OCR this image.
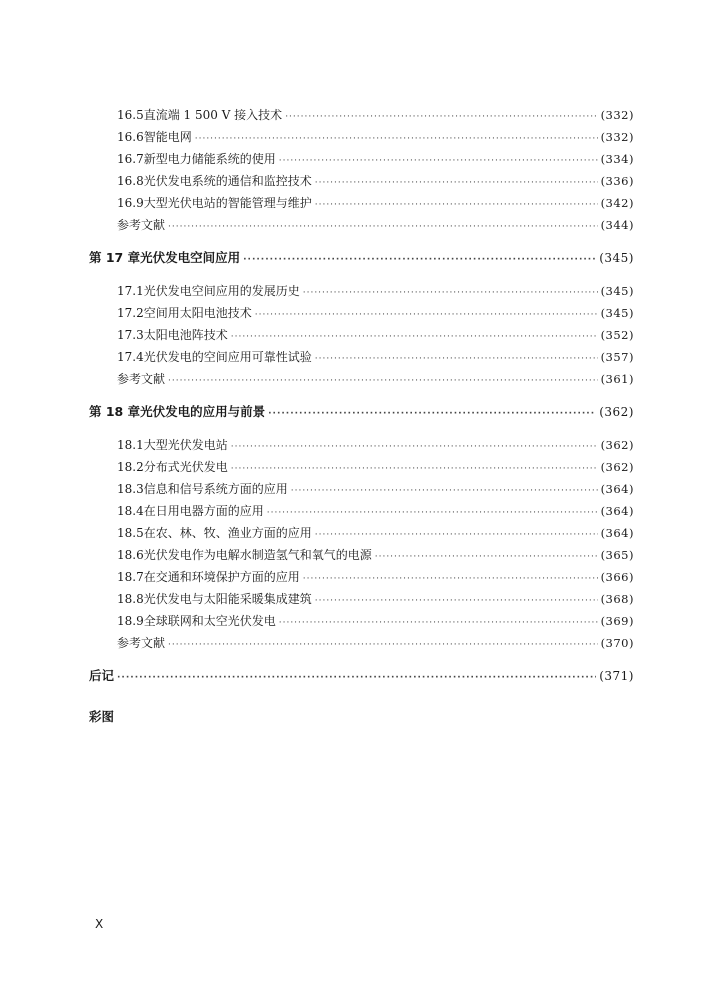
16.5 直流端 1 500 V 接入技术 ·····	(332)
16.6 智能电网 ·····	(332)
16.7 新型电力储能系统的使用 ·····	(334)
16.8 光伏发电系统的通信和监控技术 ·····	(336)
16.9 大型光伏电站的智能管理与维护 ·····	(342)
参考文献 ·····	(344)
第 17 章 光伏发电空间应用 ·····	(345)
17.1 光伏发电空间应用的发展历史 ·····	(345)
17.2 空间用太阳电池技术 ·····	(345)
17.3 太阳电池阵技术 ·····	(352)
17.4 光伏发电的空间应用可靠性试验 ·····	(357)
参考文献 ·····	(361)
第 18 章 光伏发电的应用与前景 ·····	(362)
18.1 大型光伏发电站 ·····	(362)
18.2 分布式光伏发电 ·····	(362)
18.3 信息和信号系统方面的应用 ·····	(364)
18.4 在日用电器方面的应用 ·····	(364)
18.5 在农、林、牧、渔业方面的应用 ·····	(364)
18.6 光伏发电作为电解水制造氢气和氧气的电源 ·····	(365)
18.7 在交通和环境保护方面的应用 ·····	(366)
18.8 光伏发电与太阳能采暖集成建筑 ·····	(368)
18.9 全球联网和太空光伏发电 ·····	(369)
参考文献 ·····	(370)
后记 ·····	(371)
彩图
X
